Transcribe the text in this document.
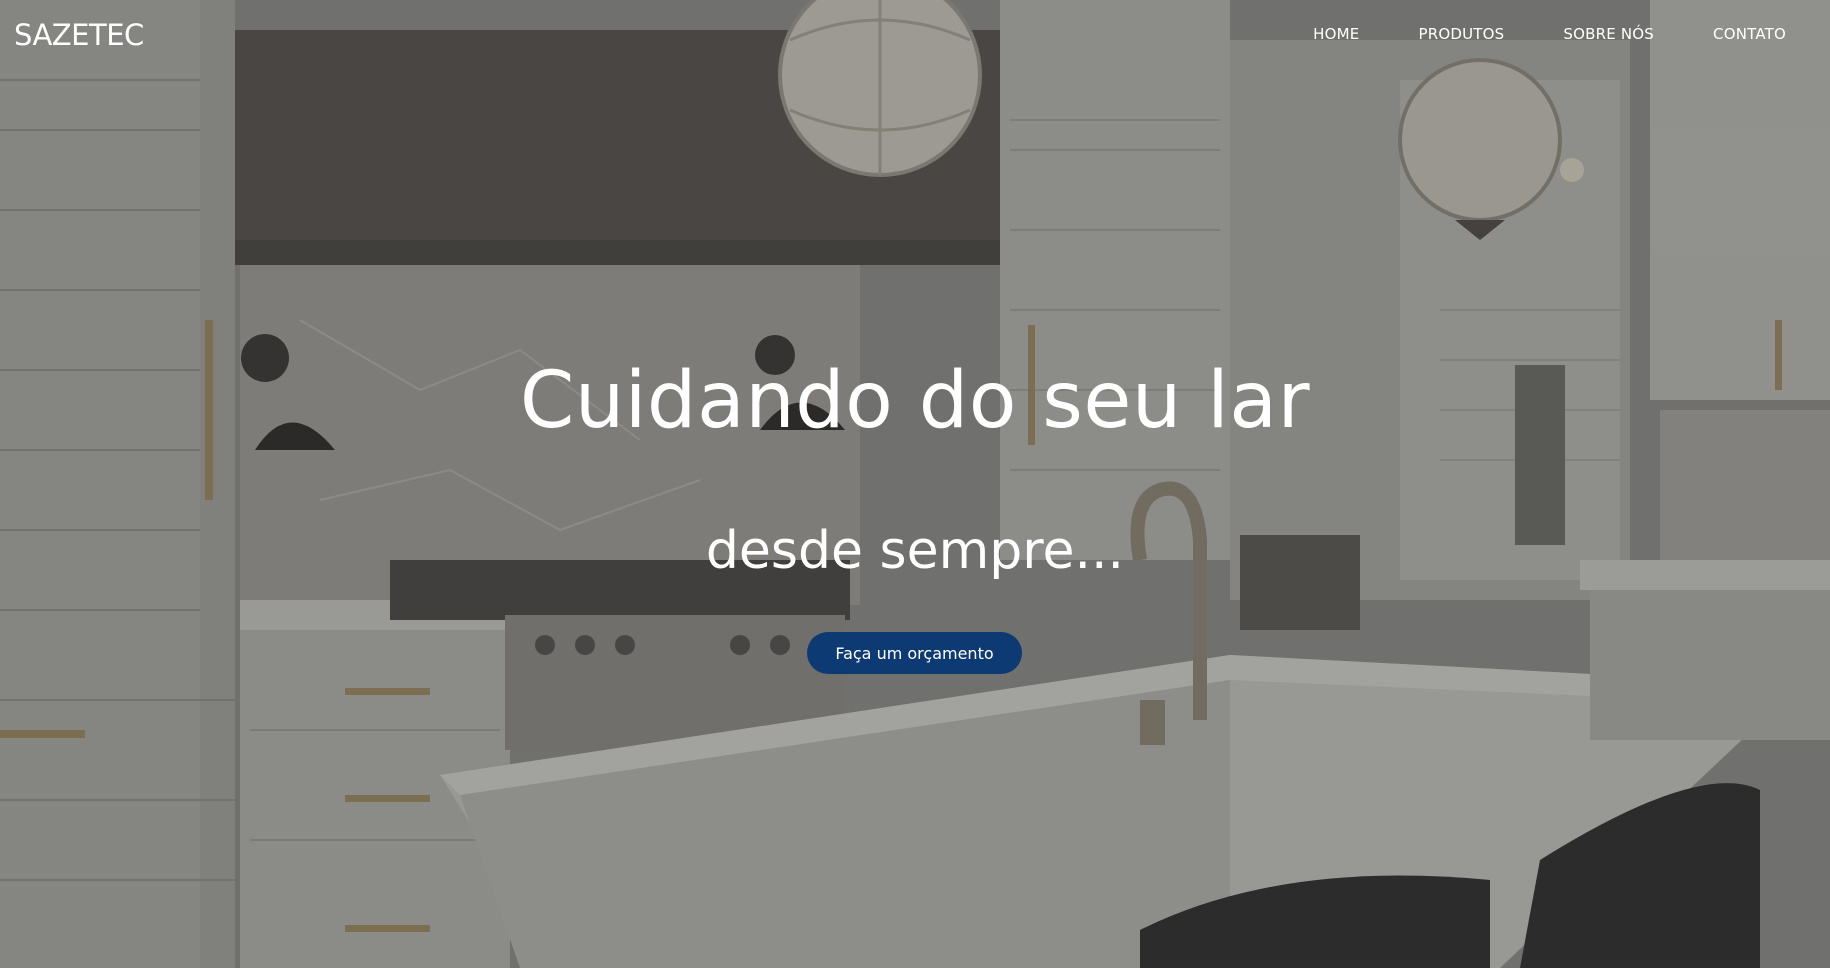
SAZETEC	HOME	PRODUTOS	SOBRE NÓS	CONTATO
Cuidando do seu lar
desde sempre...
Faça um orçamento
